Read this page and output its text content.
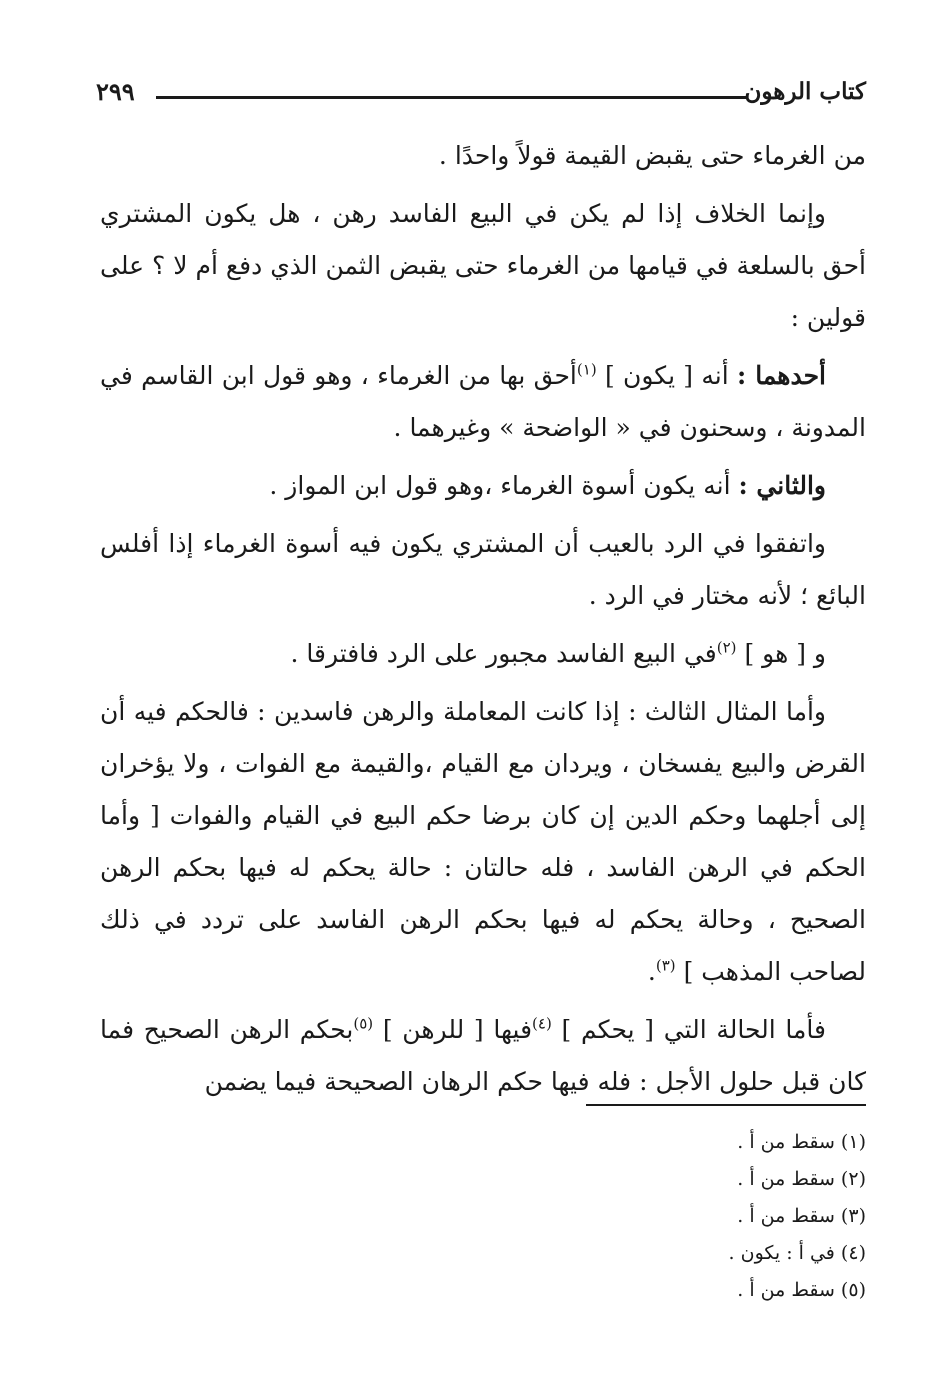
كتاب الرهون
٢٩٩

من الغرماء حتى يقبض القيمة قولاً واحدًا .

وإنما الخلاف إذا لم يكن في البيع الفاسد رهن ، هل يكون المشتري أحق بالسلعة في قيامها من الغرماء حتى يقبض الثمن الذي دفع أم لا ؟ على قولين :

أحدهما : أنه [ يكون ] $^{(١)}$أحق بها من الغرماء ، وهو قول ابن القاسم في المدونة ، وسحنون في « الواضحة » وغيرهما .

والثاني : أنه يكون أسوة الغرماء ،وهو قول ابن المواز .

واتفقوا في الرد بالعيب أن المشتري يكون فيه أسوة الغرماء إذا أفلس البائع ؛ لأنه مختار في الرد .

و [ هو ] $^{(٢)}$في البيع الفاسد مجبور على الرد فافترقا .

وأما المثال الثالث : إذا كانت المعاملة والرهن فاسدين : فالحكم فيه أن القرض والبيع يفسخان ، ويردان مع القيام ،والقيمة مع الفوات ، ولا يؤخران إلى أجلهما وحكم الدين إن كان برضا حكم البيع في القيام والفوات [ وأما الحكم في الرهن الفاسد ، فله حالتان : حالة يحكم له فيها بحكم الرهن الصحيح ، وحالة يحكم له فيها بحكم الرهن الفاسد على تردد في ذلك لصاحب المذهب ] $^{(٣)}$.

فأما الحالة التي [ يحكم ] $^{(٤)}$فيها [ للرهن ] $^{(٥)}$بحكم الرهن الصحيح فما كان قبل حلول الأجل : فله فيها حكم الرهان الصحيحة فيما يضمن

(١) سقط من أ .

(٢) سقط من أ .

(٣) سقط من أ .

(٤) في أ : يكون .

(٥) سقط من أ .
